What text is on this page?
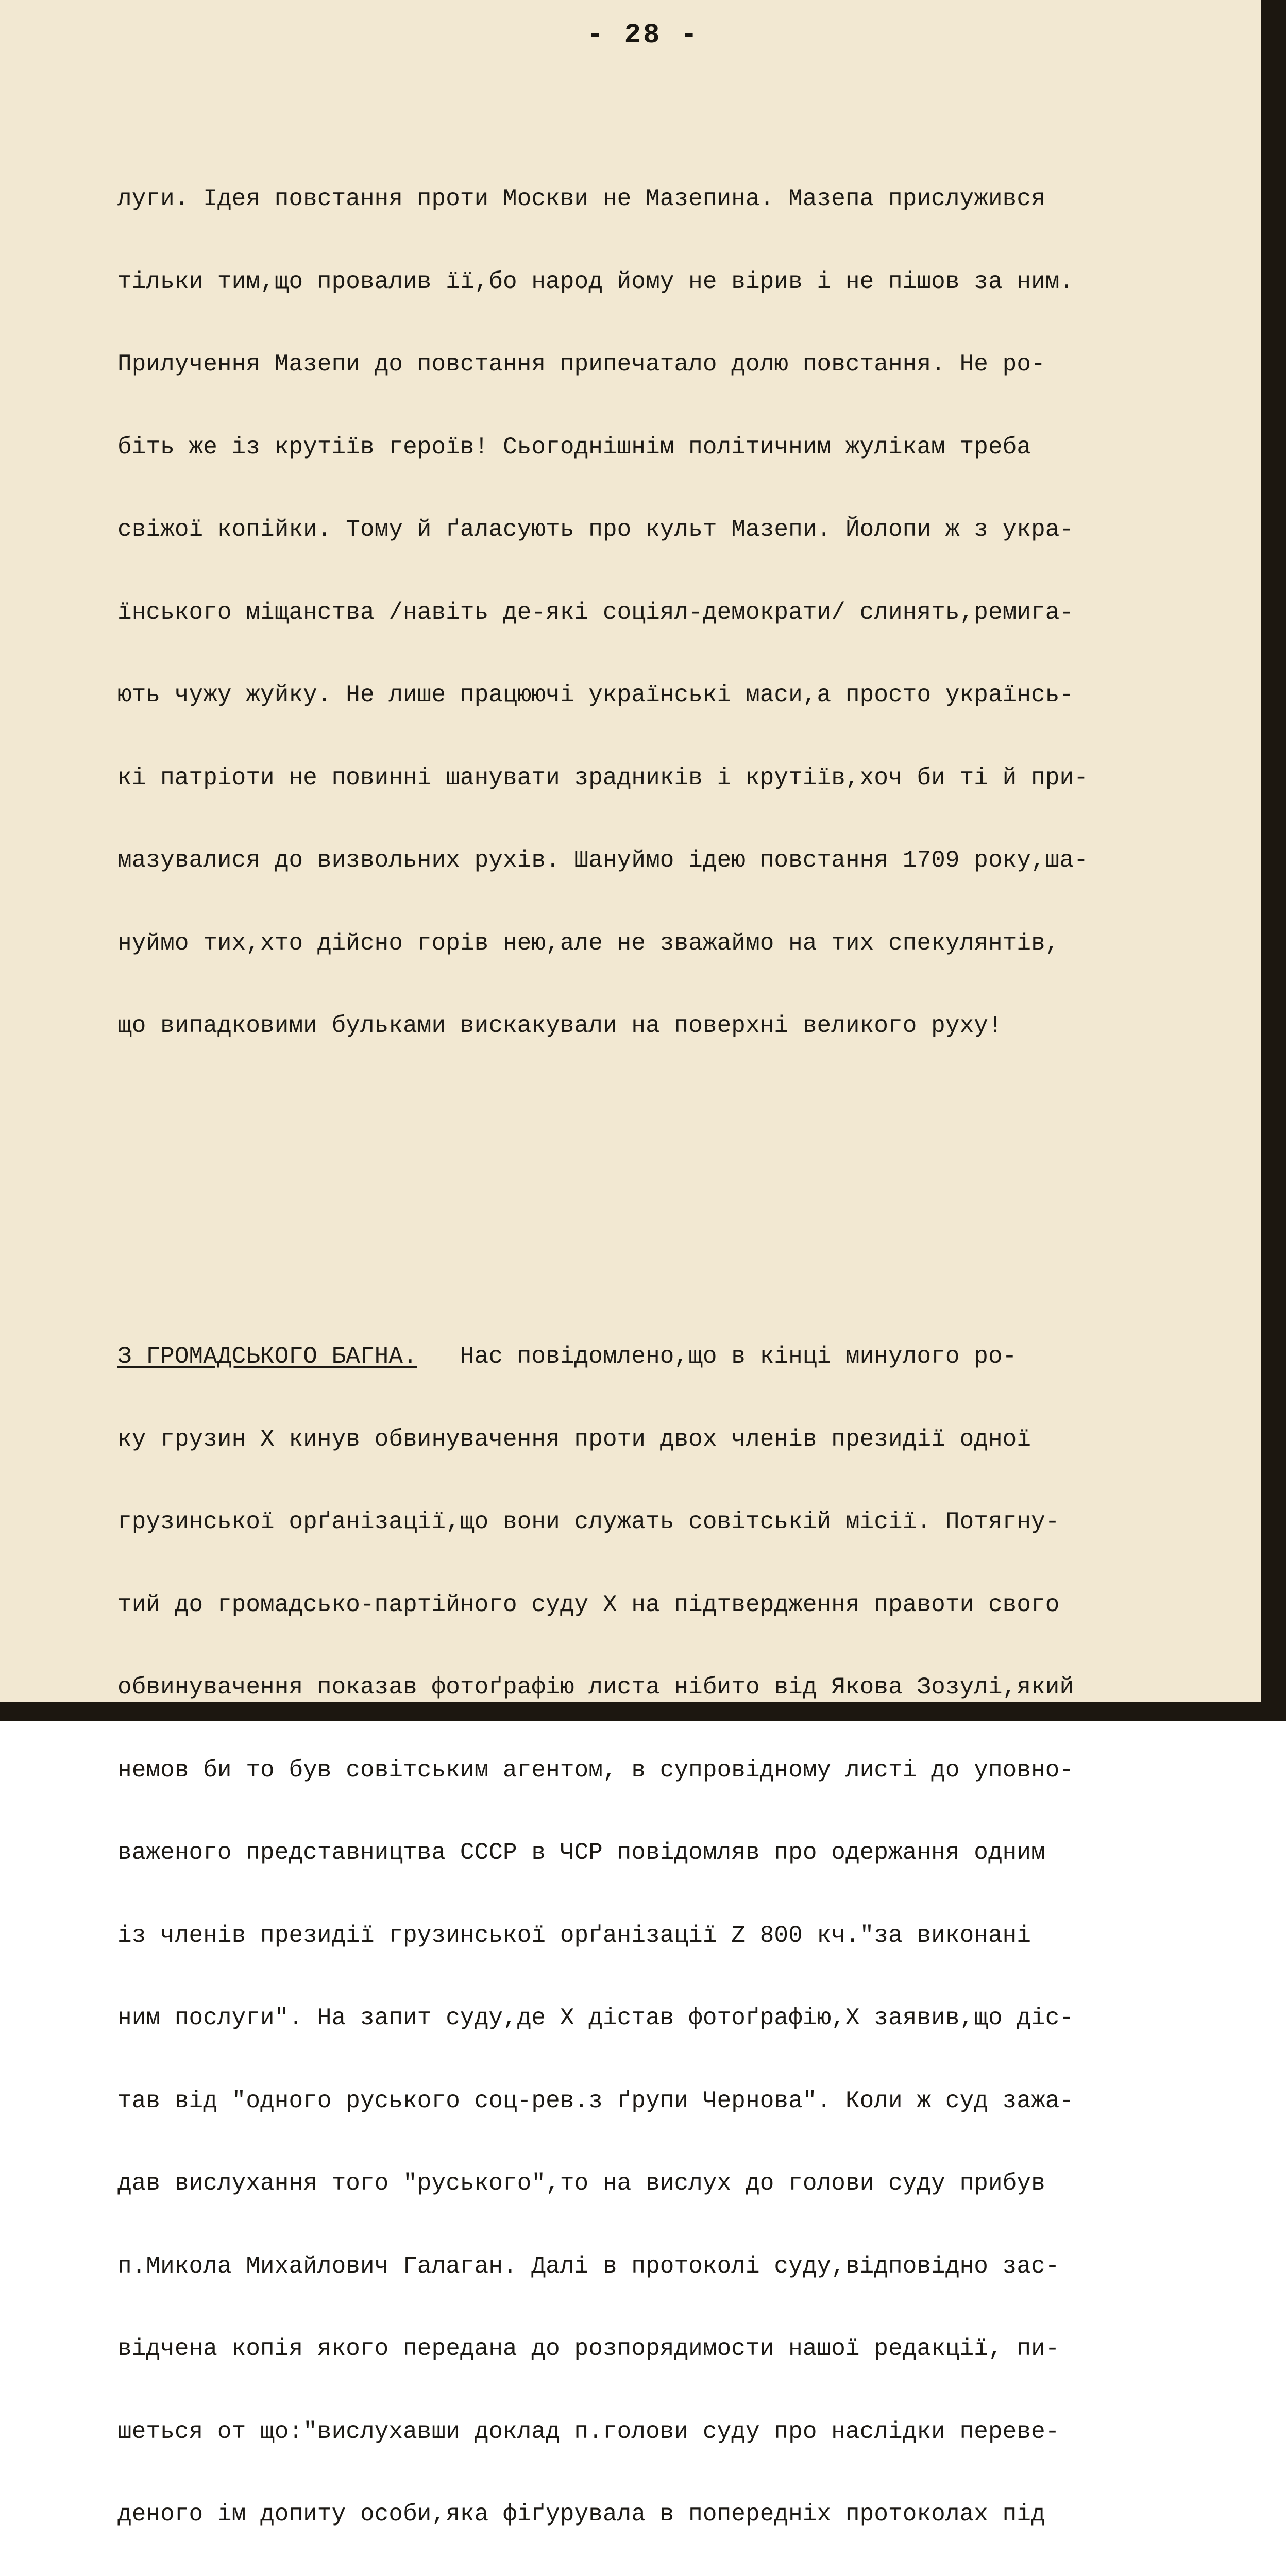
- 28 -

луги. Ідея повстання проти Москви не Мазепина. Мазепа прислужився

тільки тим,що провалив її,бо народ йому не вірив і не пішов за ним.

Прилучення Мазепи до повстання припечатало долю повстання. Не ро-

біть же із крутіїв героїв! Сьогоднішнім політичним жулікам треба

свіжої копійки. Тому й ґаласують про культ Мазепи. Йолопи ж з укра-

їнського міщанства /навіть де-які соціял-демократи/ слинять,ремигa-

ють чужу жуйку. Не лише працюючі українські маси,а просто українсь-

кі патріоти не повинні шанувати зрадників і крутіїв,хоч би ті й при-

мазувалися до визвольних рухів. Шануймо ідею повстання 1709 року,ша-

нуймо тих,хто дійсно горів нею,але не зважаймо на тих спекулянтів,

що випадковими бульками вискакували на поверхні великого руху!

З ГРОМАДСЬКОГО БАГНА.   Нас повідомлено,що в кінці минулого ро-

ку грузин X кинув обвинувачення проти двох членів президії одної

грузинської орґанізації,що вони служать совітській місії. Потягну-

тий до громадсько-партійного суду X на підтвердження правоти свого

обвинувачення показав фотоґрафію листа нібито від Якова Зозулі,який

немов би то був совітським агентом, в супровідному листі до уповно-

важеного представництва СССР в ЧСР повідомляв про одержання одним

із членів президії грузинської орґанізації Z 800 кч."за виконані

ним послуги". На запит суду,де X дістав фотоґрафію,X заявив,що діс-

тав від "одного руського соц-рев.з ґрупи Чернова". Коли ж суд зажа-

дав вислухання того "руського",то на вислух до голови суду прибув

п.Микола Михайлович Галаган. Далі в протоколі суду,відповідно зас-

відчена копія якого передана до розпорядимости нашої редакції, пи-

шеться от що:"вислухавши доклад п.голови суду про наслідки переве-

деного ім допиту особи,яка фіґурувала в попередніх протоколах під
